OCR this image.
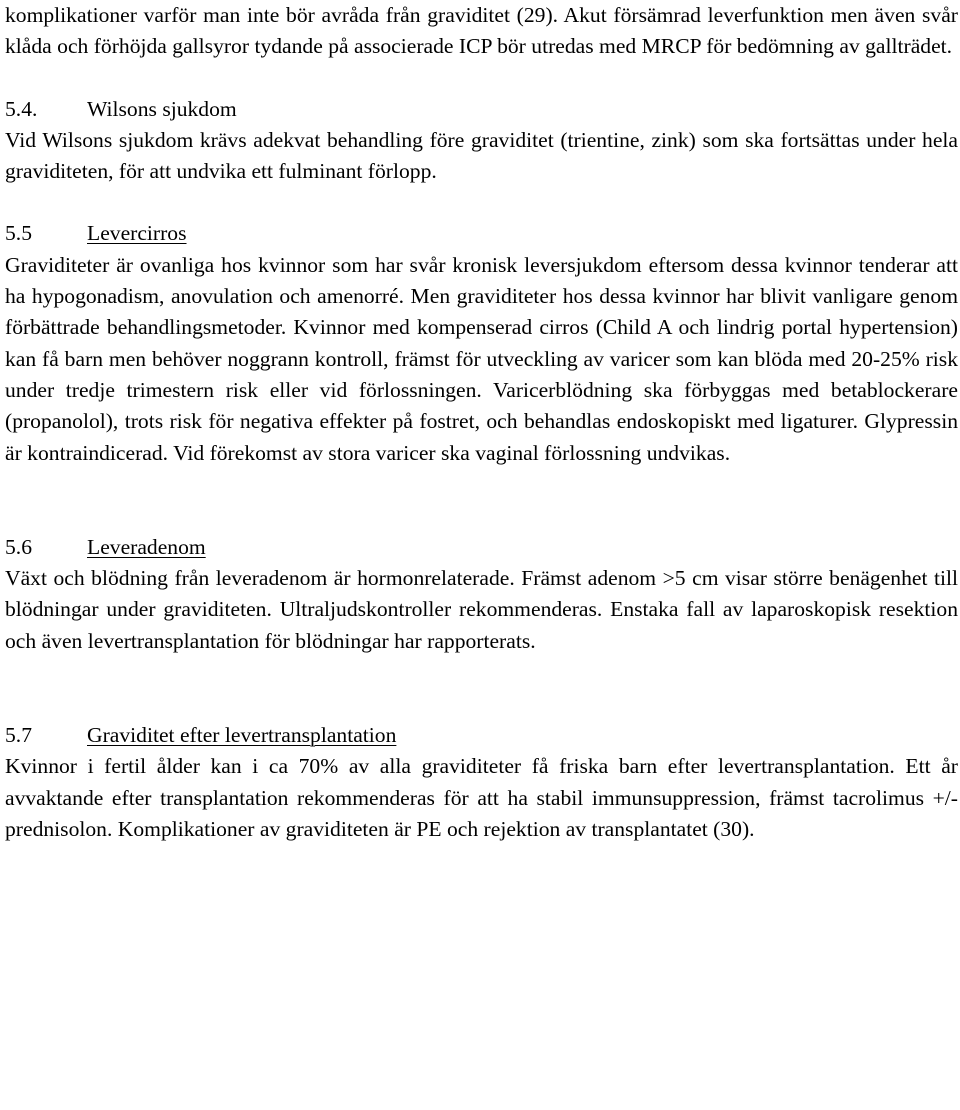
komplikationer varför man inte bör avråda från graviditet (29). Akut försämrad leverfunktion men även svår klåda och förhöjda gallsyror tydande på associerade ICP bör utredas med MRCP för bedömning av gallträdet.

5.4. Wilsons sjukdom

Vid Wilsons sjukdom krävs adekvat behandling före graviditet (trientine, zink) som ska fortsättas under hela graviditeten, för att undvika ett fulminant förlopp.

5.5	Levercirros

Graviditeter är ovanliga hos kvinnor som har svår kronisk leversjukdom eftersom dessa kvinnor tenderar att ha hypogonadism, anovulation och amenorré. Men graviditeter hos dessa kvinnor har blivit vanligare genom förbättrade behandlingsmetoder. Kvinnor med kompenserad cirros (Child A och lindrig portal hypertension) kan få barn men behöver noggrann kontroll, främst för utveckling av varicer som kan blöda med 20-25% risk under tredje trimestern risk eller vid förlossningen. Varicerblödning ska förbyggas med betablockerare (propanolol), trots risk för negativa effekter på fostret, och behandlas endoskopiskt med ligaturer. Glypressin är kontraindicerad. Vid förekomst av stora varicer ska vaginal förlossning undvikas.

5.6	Leveradenom

Växt och blödning från leveradenom är hormonrelaterade. Främst adenom >5 cm visar större benägenhet till blödningar under graviditeten. Ultraljudskontroller rekommenderas. Enstaka fall av laparoskopisk resektion och även levertransplantation för blödningar har rapporterats.

5.7	Graviditet efter levertransplantation

Kvinnor i fertil ålder kan i ca 70% av alla graviditeter få friska barn efter levertransplantation. Ett år avvaktande efter transplantation rekommenderas för att ha stabil immunsuppression, främst tacrolimus +/- prednisolon. Komplikationer av graviditeten är PE och rejektion av transplantatet (30).
